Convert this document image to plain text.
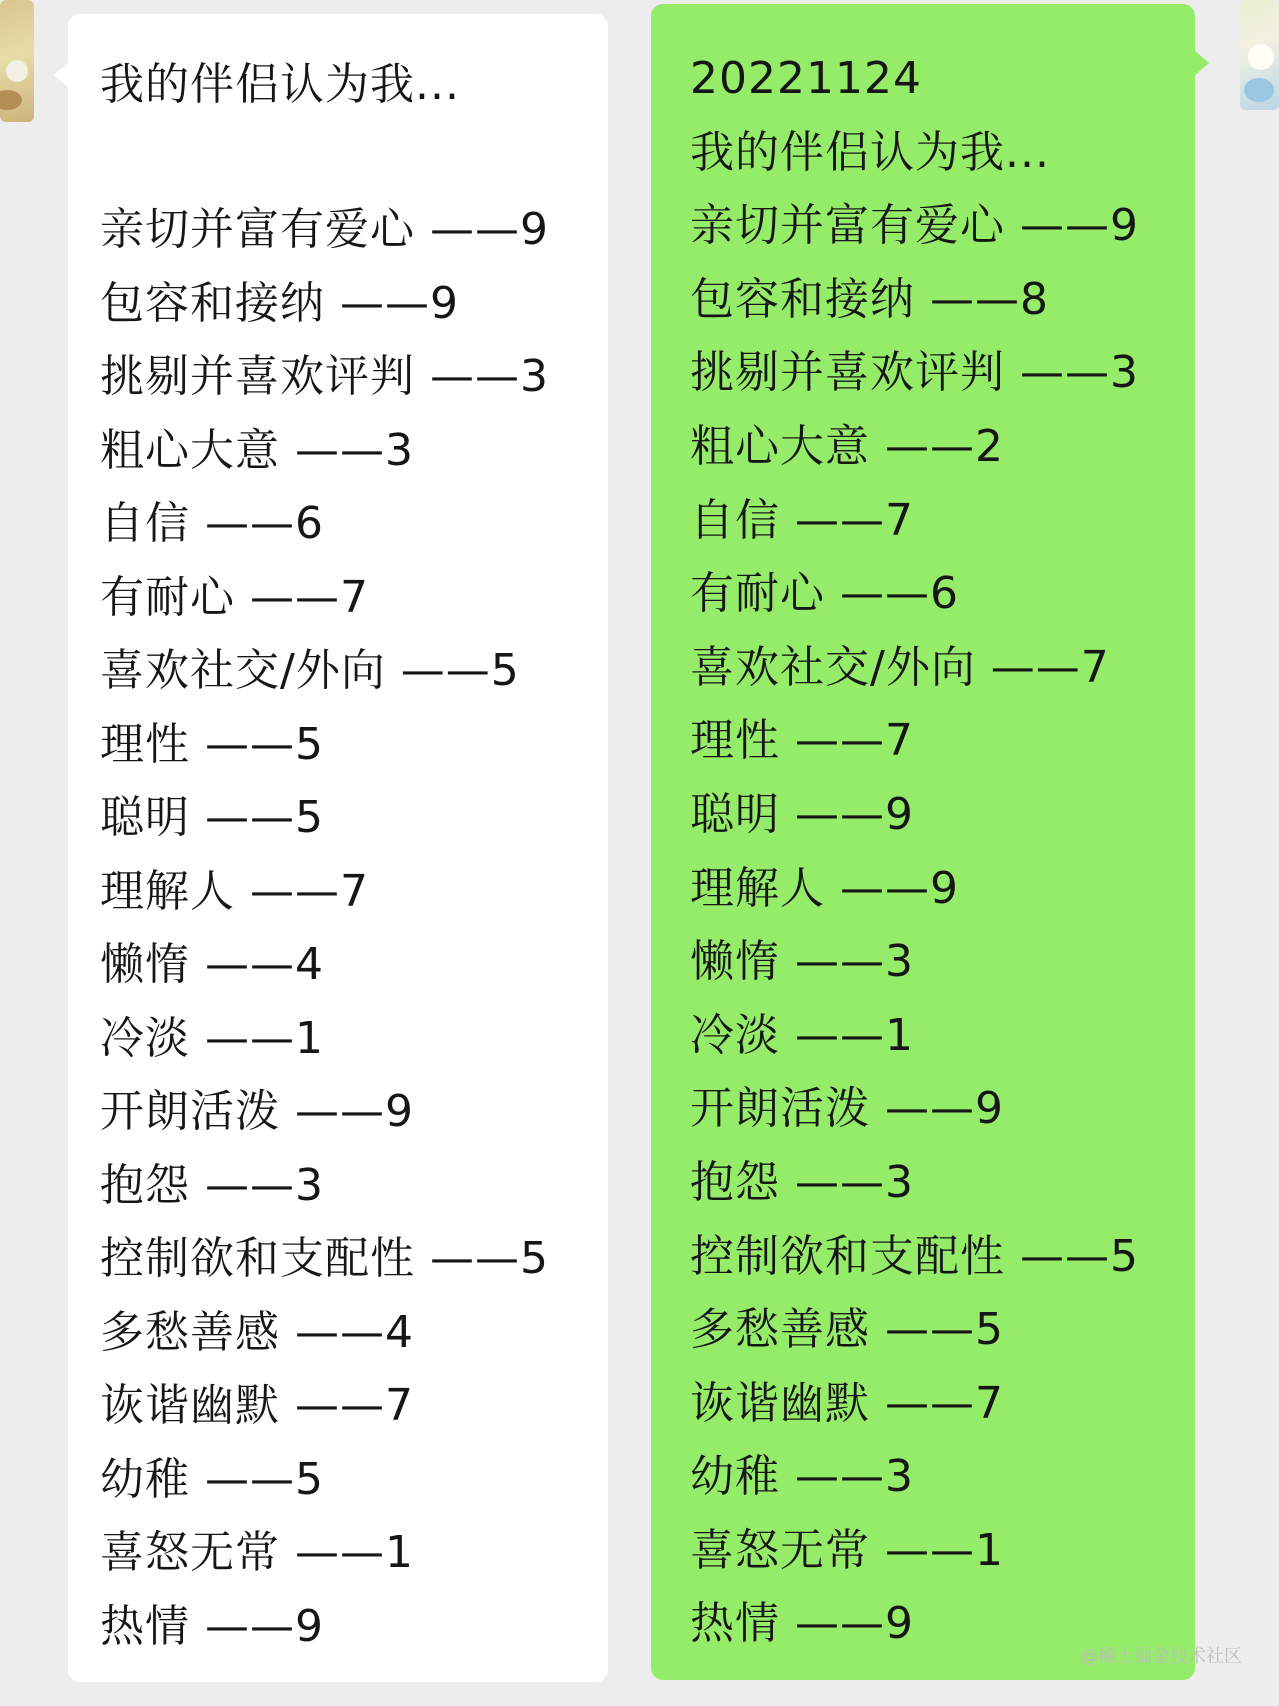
我的伴侣认为我...
亲切并富有爱心 ——9
包容和接纳 ——9
挑剔并喜欢评判 ——3
粗心大意 ——3
自信 ——6
有耐心 ——7
喜欢社交/外向 ——5
理性 ——5
聪明 ——5
理解人 ——7
懒惰 ——4
冷淡 ——1
开朗活泼 ——9
抱怨 ——3
控制欲和支配性 ——5
多愁善感 ——4
诙谐幽默 ——7
幼稚 ——5
喜怒无常 ——1
热情 ——9
20221124
我的伴侣认为我...
亲切并富有爱心 ——9
包容和接纳 ——8
挑剔并喜欢评判 ——3
粗心大意 ——2
自信 ——7
有耐心 ——6
喜欢社交/外向 ——7
理性 ——7
聪明 ——9
理解人 ——9
懒惰 ——3
冷淡 ——1
开朗活泼 ——9
抱怨 ——3
控制欲和支配性 ——5
多愁善感 ——5
诙谐幽默 ——7
幼稚 ——3
喜怒无常 ——1
热情 ——9
@稀土掘金技术社区
